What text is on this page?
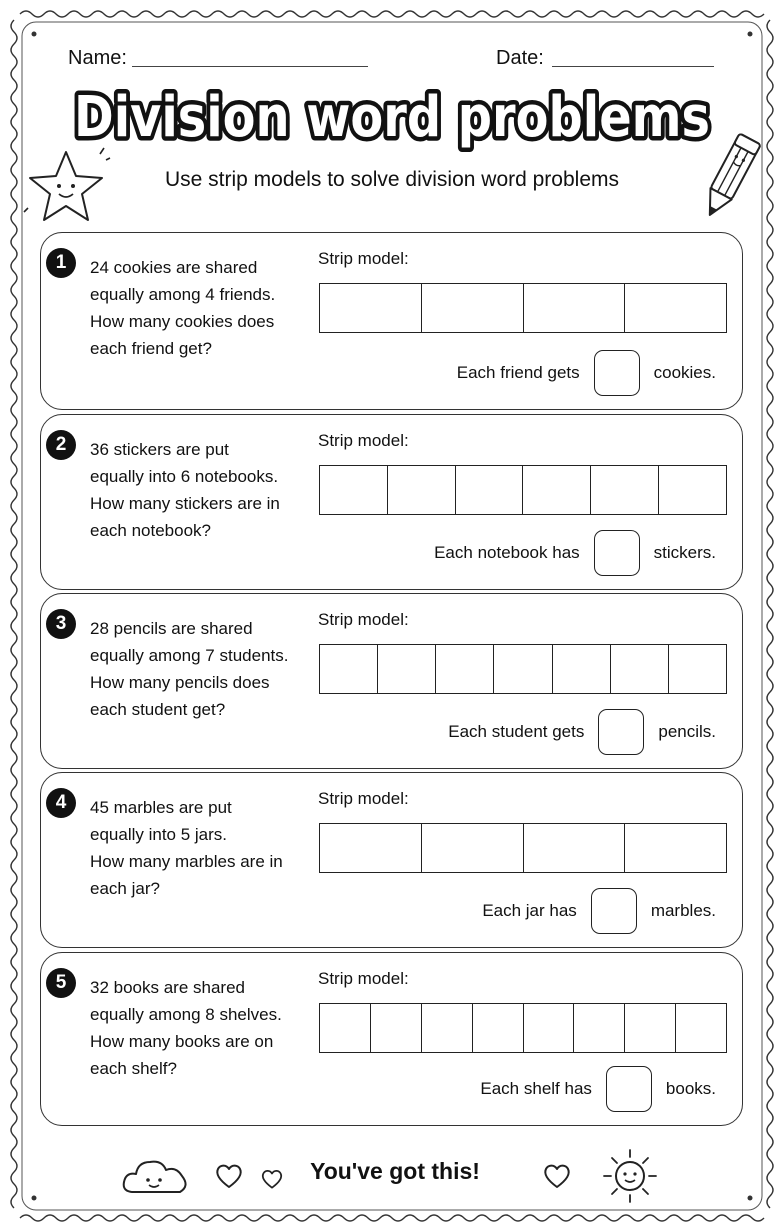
Name:	Date:
Division word problems
Use strip models to solve division word problems
1	24 cookies are shared
equally among 4 friends.
How many cookies does
each friend get?
Strip model:
Each friend gets	cookies.
2	36 stickers are put
equally into 6 notebooks.
How many stickers are in
each notebook?
Strip model:
Each notebook has	stickers.
3	28 pencils are shared
equally among 7 students.
How many pencils does
each student get?
Strip model:
Each student gets	pencils.
4	45 marbles are put
equally into 5 jars.
How many marbles are in
each jar?
Strip model:
Each jar has	marbles.
5	32 books are shared
equally among 8 shelves.
How many books are on
each shelf?
Strip model:
Each shelf has	books.
You've got this!
